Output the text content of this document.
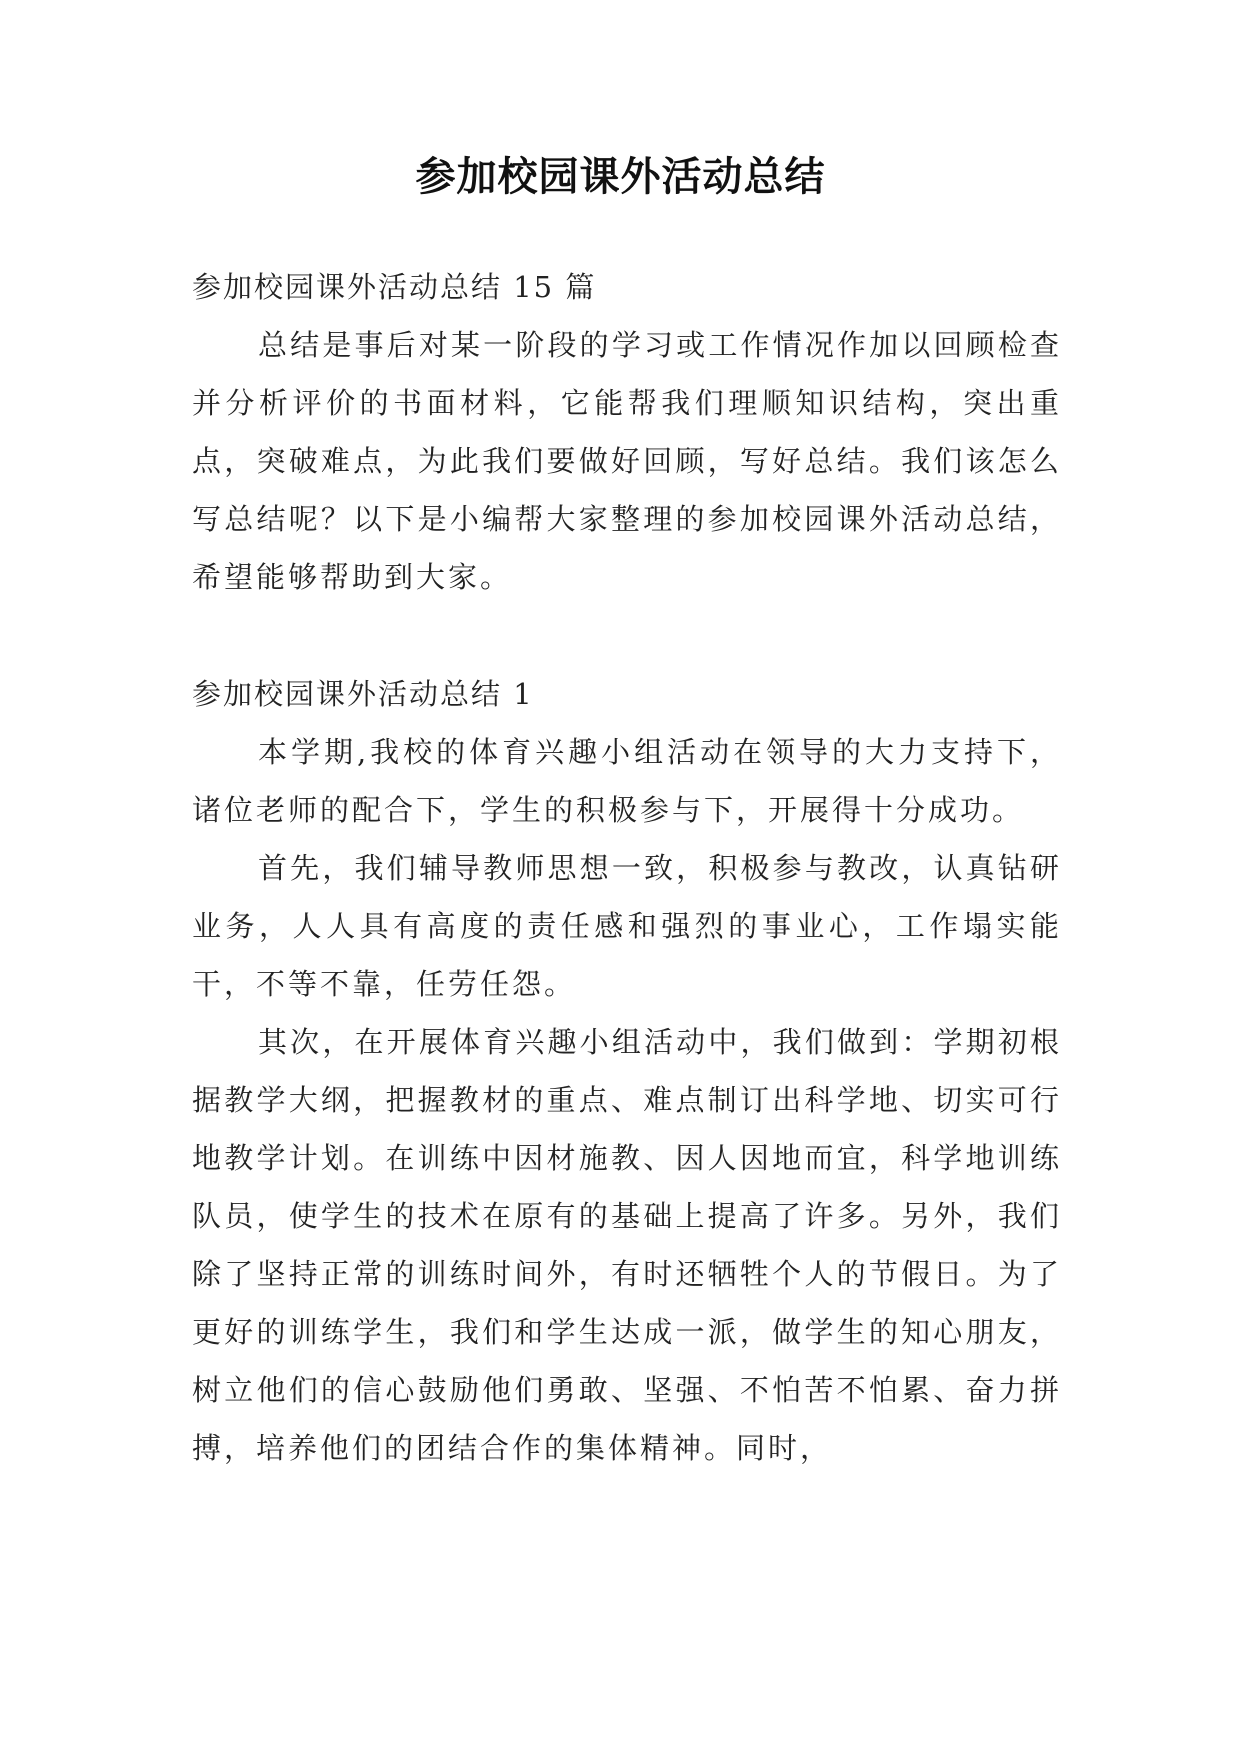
参加校园课外活动总结
参加校园课外活动总结 15 篇

总结是事后对某一阶段的学习或工作情况作加以回顾检查并分析评价的书面材料，它能帮我们理顺知识结构，突出重点，突破难点，为此我们要做好回顾，写好总结。我们该怎么写总结呢？以下是小编帮大家整理的参加校园课外活动总结，希望能够帮助到大家。

参加校园课外活动总结 1

本学期,我校的体育兴趣小组活动在领导的大力支持下，诸位老师的配合下，学生的积极参与下，开展得十分成功。

首先，我们辅导教师思想一致，积极参与教改，认真钻研业务，人人具有高度的责任感和强烈的事业心，工作塌实能干，不等不靠，任劳任怨。

其次，在开展体育兴趣小组活动中，我们做到：学期初根据教学大纲，把握教材的重点、难点制订出科学地、切实可行地教学计划。在训练中因材施教、因人因地而宜，科学地训练队员，使学生的技术在原有的基础上提高了许多。另外，我们除了坚持正常的训练时间外，有时还牺牲个人的节假日。为了更好的训练学生，我们和学生达成一派，做学生的知心朋友，树立他们的信心鼓励他们勇敢、坚强、不怕苦不怕累、奋力拼搏，培养他们的团结合作的集体精神。同时，
